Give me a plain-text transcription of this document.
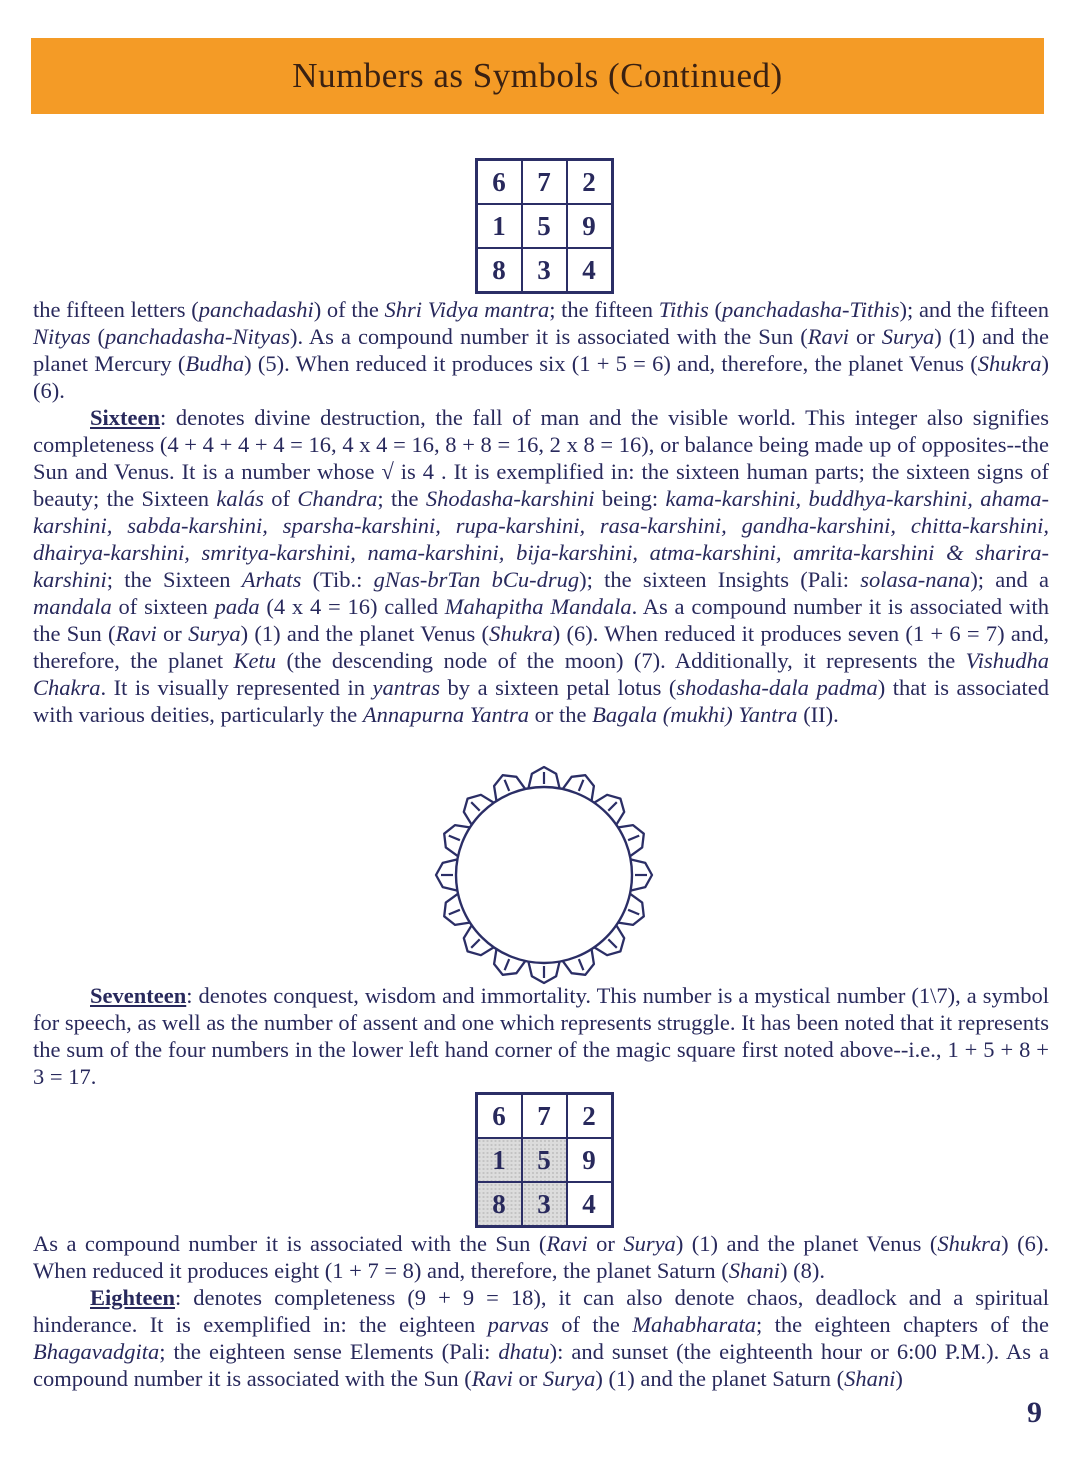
Numbers as Symbols (Continued)
6	7	2
1	5	9
8	3	4

the fifteen letters (panchadashi) of the Shri Vidya mantra; the fifteen Tithis (panchadasha-Tithis); and the fifteen Nityas (panchadasha-Nityas). As a compound number it is associated with the Sun (Ravi or Surya) (1) and the planet Mercury (Budha) (5). When reduced it produces six (1 + 5 = 6) and, therefore, the planet Venus (Shukra) (6).

Sixteen: denotes divine destruction, the fall of man and the visible world. This integer also signifies completeness (4 + 4 + 4 + 4 = 16, 4 x 4 = 16, 8 + 8 = 16, 2 x 8 = 16), or balance being made up of opposites--the Sun and Venus. It is a number whose √ is 4 . It is exemplified in: the sixteen human parts; the sixteen signs of beauty; the Sixteen kalás of Chandra; the Shodasha-karshini being: kama-karshini, buddhya-karshini, ahama-karshini, sabda-karshini, sparsha-karshini, rupa-karshini, rasa-karshini, gandha-karshini, chitta-karshini, dhairya-karshini, smritya-karshini, nama-karshini, bija-karshini, atma-karshini, amrita-karshini & sharira-karshini; the Sixteen Arhats (Tib.: gNas-brTan bCu-drug); the sixteen Insights (Pali: solasa-nana); and a mandala of sixteen pada (4 x 4 = 16) called Mahapitha Mandala. As a compound number it is associated with the Sun (Ravi or Surya) (1) and the planet Venus (Shukra) (6). When reduced it produces seven (1 + 6 = 7) and, therefore, the planet Ketu (the descending node of the moon) (7). Additionally, it represents the Vishudha Chakra. It is visually represented in yantras by a sixteen petal lotus (shodasha-dala padma) that is associated with various deities, particularly the Annapurna Yantra or the Bagala (mukhi) Yantra (II).

Seventeen: denotes conquest, wisdom and immortality. This number is a mystical number (1\7), a symbol for speech, as well as the number of assent and one which represents struggle. It has been noted that it represents the sum of the four numbers in the lower left hand corner of the magic square first noted above--i.e., 1 + 5 + 8 + 3 = 17.

6	7	2
1	5	9
8	3	4

As a compound number it is associated with the Sun (Ravi or Surya) (1) and the planet Venus (Shukra) (6). When reduced it produces eight (1 + 7 = 8) and, therefore, the planet Saturn (Shani) (8).

Eighteen: denotes completeness (9 + 9 = 18), it can also denote chaos, deadlock and a spiritual hinderance. It is exemplified in: the eighteen parvas of the Mahabharata; the eighteen chapters of the Bhagavadgita; the eighteen sense Elements (Pali: dhatu): and sunset (the eighteenth hour or 6:00 P.M.). As a compound number it is associated with the Sun (Ravi or Surya) (1) and the planet Saturn (Shani)

9
